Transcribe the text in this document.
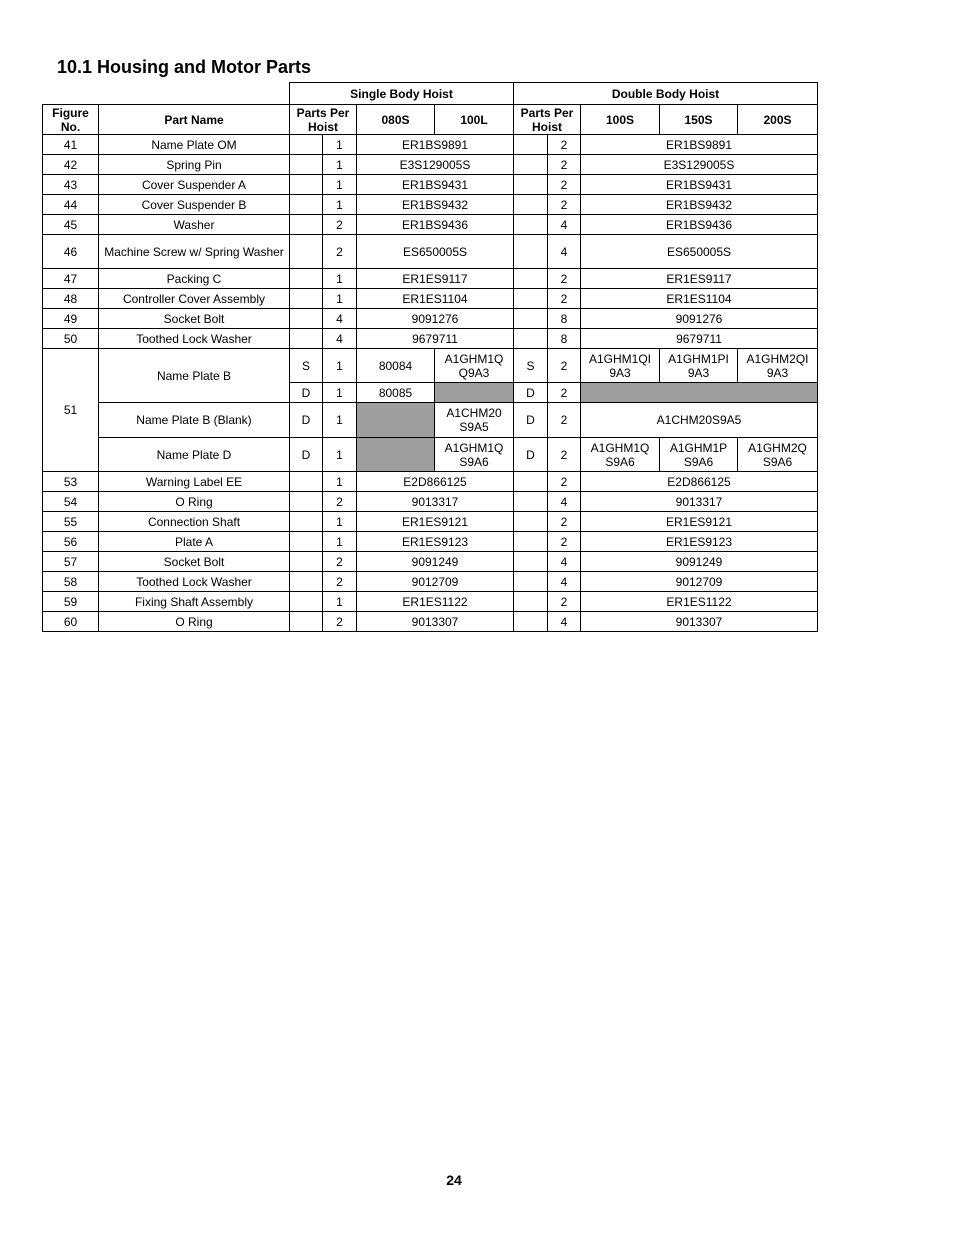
10.1 Housing and Motor Parts
		Single Body Hoist				Double Body Hoist				
Figure No.	Part Name	Parts Per Hoist		080S	100L	Parts Per Hoist		100S	150S	200S
41	Name Plate OM		1	ER1BS9891			2	ER1BS9891		
42	Spring Pin		1	E3S129005S			2	E3S129005S		
43	Cover Suspender A		1	ER1BS9431			2	ER1BS9431		
44	Cover Suspender B		1	ER1BS9432			2	ER1BS9432		
45	Washer		2	ER1BS9436			4	ER1BS9436		
46	Machine Screw w/ Spring Washer		2	ES650005S			4	ES650005S		
47	Packing C		1	ER1ES9117			2	ER1ES9117		
48	Controller Cover Assembly		1	ER1ES1104			2	ER1ES1104		
49	Socket Bolt		4	9091276			8	9091276		
50	Toothed Lock Washer		4	9679711			8	9679711		
51	Name Plate B	S	1	80084	A1GHM1Q Q9A3	S	2	A1GHM1QI 9A3	A1GHM1PI 9A3	A1GHM2QI 9A3
		D	1	80085		D	2			
	Name Plate B (Blank)	D	1		A1CHM20 S9A5	D	2	A1CHM20S9A5		
	Name Plate D	D	1		A1GHM1Q S9A6	D	2	A1GHM1Q S9A6	A1GHM1P S9A6	A1GHM2Q S9A6
53	Warning Label EE		1	E2D866125			2	E2D866125		
54	O Ring		2	9013317			4	9013317		
55	Connection Shaft		1	ER1ES9121			2	ER1ES9121		
56	Plate A		1	ER1ES9123			2	ER1ES9123		
57	Socket Bolt		2	9091249			4	9091249		
58	Toothed Lock Washer		2	9012709			4	9012709		
59	Fixing Shaft Assembly		1	ER1ES1122			2	ER1ES1122		
60	O Ring		2	9013307			4	9013307		
24
